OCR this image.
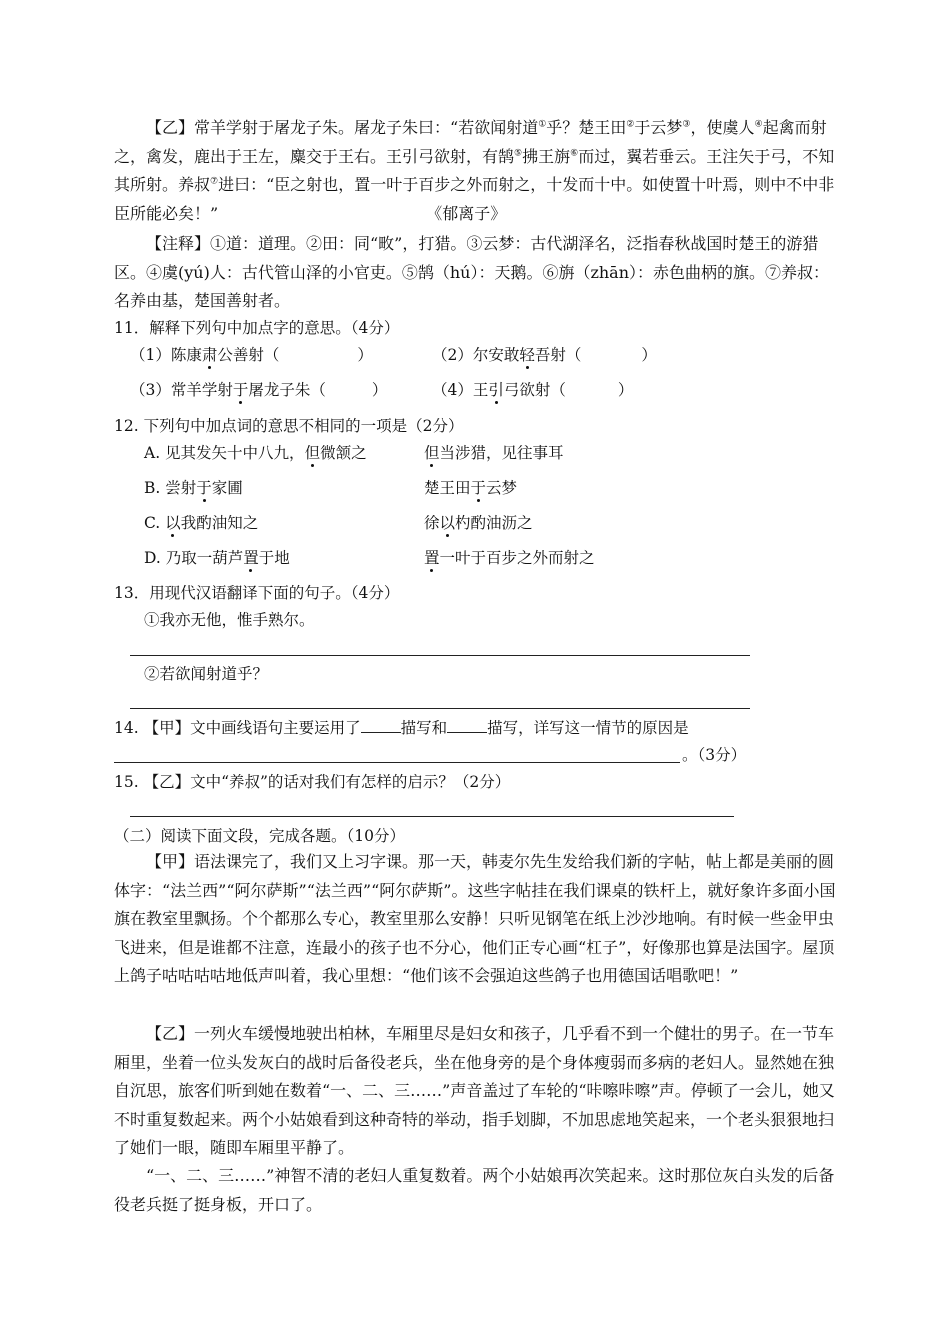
【乙】常羊学射于屠龙子朱。屠龙子朱曰：“若欲闻射道①乎？楚王田②于云梦③，使虞人④起禽而射之，禽发，鹿出于王左，麋交于王右。王引弓欲射，有鹄⑤拂王旃⑥而过，翼若垂云。王注矢于弓，不知其所射。养叔⑦进曰：“臣之射也，置一叶于百步之外而射之，十发而十中。如使置十叶焉，则中不中非臣所能必矣！”	《郁离子》
【注释】①道：道理。②田：同“畋”，打猎。③云梦：古代湖泽名，泛指春秋战国时楚王的游猎区。④虞(yú)人：古代管山泽的小官吏。⑤鹄（hú）：天鹅。⑥旃（zhān）：赤色曲柄的旗。⑦养叔：名养由基，楚国善射者。
11．解释下列句中加点字的意思。（4分）
（1）陈康肃公善射（	）	（2）尔安敢轻吾射（	）
（3）常羊学射于屠龙子朱（	）	（4）王引弓欲射（	）
12. 下列句中加点词的意思不相同的一项是（2分）
A. 见其发矢十中八九，但微颔之	但当涉猎，见往事耳
B. 尝射于家圃	楚王田于云梦
C. 以我酌油知之	徐以杓酌油沥之
D. 乃取一葫芦置于地	置一叶于百步之外而射之
13．用现代汉语翻译下面的句子。（4分）
①我亦无他，惟手熟尔。
②若欲闻射道乎？
14. 【甲】文中画线语句主要运用了	描写和	描写，详写这一情节的原因是
。（3分）
15. 【乙】文中“养叔”的话对我们有怎样的启示？（2分）
（二）阅读下面文段，完成各题。（10分）
【甲】语法课完了，我们又上习字课。那一天，韩麦尔先生发给我们新的字帖，帖上都是美丽的圆体字：“法兰西”“阿尔萨斯”“法兰西”“阿尔萨斯”。这些字帖挂在我们课桌的铁杆上，就好象许多面小国旗在教室里飘扬。个个都那么专心，教室里那么安静！只听见钢笔在纸上沙沙地响。有时候一些金甲虫飞进来，但是谁都不注意，连最小的孩子也不分心，他们正专心画“杠子”，好像那也算是法国字。屋顶上鸽子咕咕咕咕地低声叫着，我心里想：“他们该不会强迫这些鸽子也用德国话唱歌吧！”
【乙】一列火车缓慢地驶出柏林，车厢里尽是妇女和孩子，几乎看不到一个健壮的男子。在一节车厢里，坐着一位头发灰白的战时后备役老兵，坐在他身旁的是个身体瘦弱而多病的老妇人。显然她在独自沉思，旅客们听到她在数着“一、二、三……”声音盖过了车轮的“咔嚓咔嚓”声。停顿了一会儿，她又不时重复数起来。两个小姑娘看到这种奇特的举动，指手划脚，不加思虑地笑起来，一个老头狠狠地扫了她们一眼，随即车厢里平静了。
“一、二、三……”神智不清的老妇人重复数着。两个小姑娘再次笑起来。这时那位灰白头发的后备役老兵挺了挺身板，开口了。
